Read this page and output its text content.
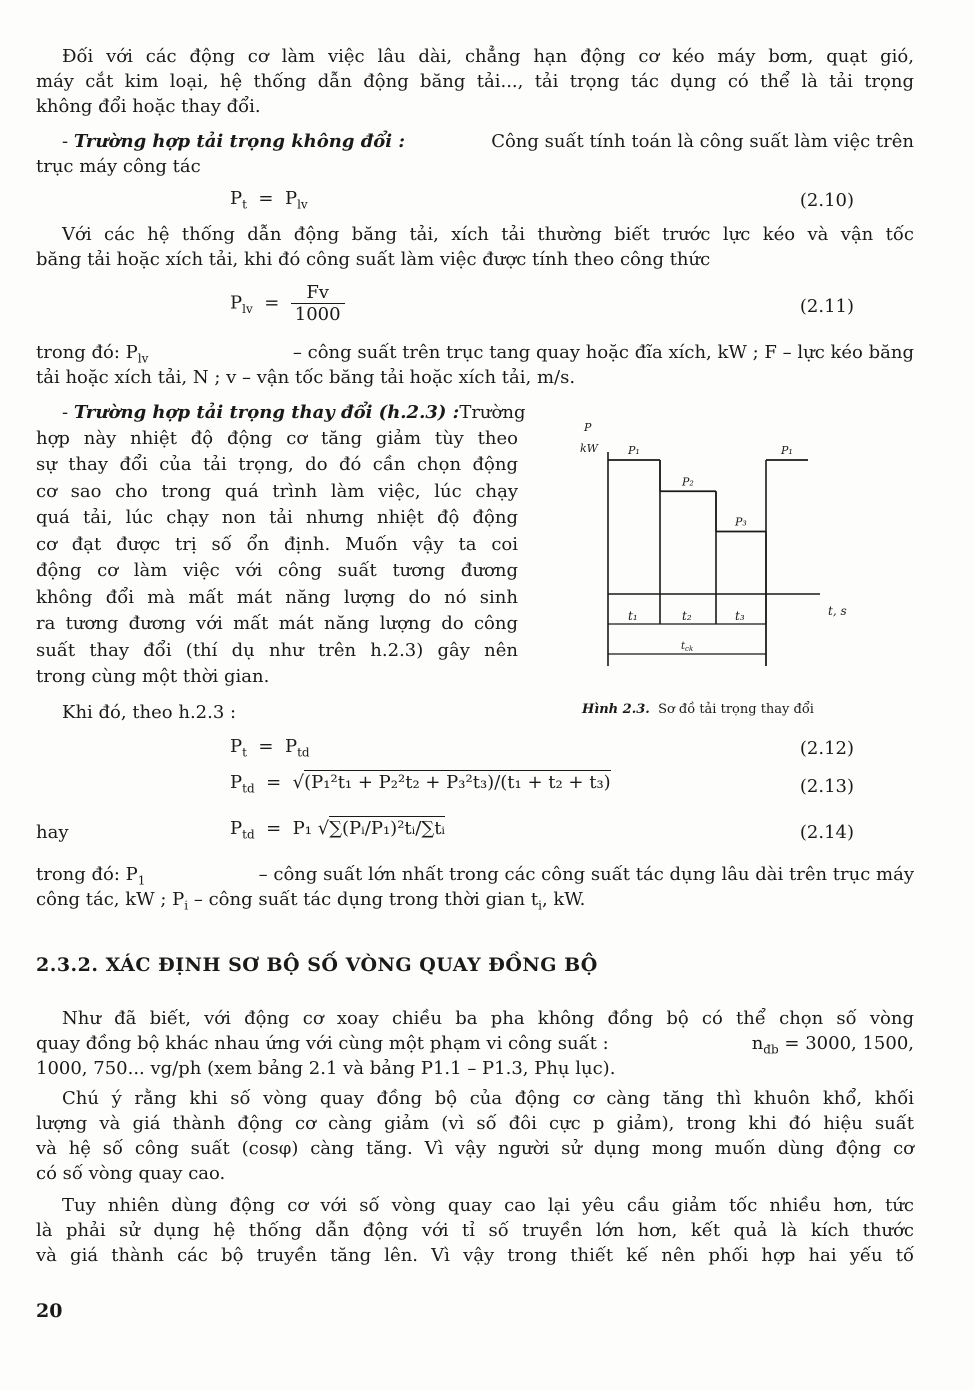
Đối với các động cơ làm việc lâu dài, chẳng hạn động cơ kéo máy bơm, quạt gió,
máy cắt kim loại, hệ thống dẫn động băng tải..., tải trọng tác dụng có thể là tải trọng
không đổi hoặc thay đổi.
- Trường hợp tải trọng không đổi :	Công suất tính toán là công suất làm việc trên
trục máy công tác
$P_t = P_{lv}$	(2.10)
Với các hệ thống dẫn động băng tải, xích tải thường biết trước lực kéo và vận tốc
băng tải hoặc xích tải, khi đó công suất làm việc được tính theo công thức
$P_{lv} = \frac{Fv}{1000}$	(2.11)
trong đó: $P_{lv}$	– công suất trên trục tang quay hoặc đĩa xích, kW ; F – lực kéo băng
tải hoặc xích tải, N ; v – vận tốc băng tải hoặc xích tải, m/s.
- Trường hợp tải trọng thay đổi (h.2.3) : Trường
hợp này nhiệt độ động cơ tăng giảm tùy theo
sự thay đổi của tải trọng, do đó cần chọn động
cơ sao cho trong quá trình làm việc, lúc chạy
quá tải, lúc chạy non tải nhưng nhiệt độ động
cơ đạt được trị số ổn định. Muốn vậy ta coi
động cơ làm việc với công suất tương đương
không đổi mà mất mát năng lượng do nó sinh
ra tương đương với mất mát năng lượng do công
suất thay đổi (thí dụ như trên h.2.3) gây nên
trong cùng một thời gian.
P
kW
t, s
P₁
P₂
P₃
P₁
t₁	t₂	t₃
$t_{ck}$
Hình 2.3. Sơ đồ tải trọng thay đổi
Khi đó, theo h.2.3 :
$P_t = P_{td}$	(2.12)
$P_{td} = √(P_1^2t_1 + P_2^2t_2 + P_3^2t_3)/(t_1 + t_2 + t_3)$	(2.13)
hay	$P_{td} = P_1$ √∑(Pᵢ/P₁)²tᵢ/∑tᵢ	(2.14)
trong đó: $P_1$	– công suất lớn nhất trong các công suất tác dụng lâu dài trên trục máy
công tác, kW ; $P_i$ – công suất tác dụng trong thời gian $t_i$, kW.
2.3.2. XÁC ĐỊNH SƠ BỘ SỐ VÒNG QUAY ĐỒNG BỘ
Như đã biết, với động cơ xoay chiều ba pha không đồng bộ có thể chọn số vòng
quay đồng bộ khác nhau ứng với cùng một phạm vi công suất :	$n_{đb} = 3000$, 1500,
1000, 750... vg/ph (xem bảng 2.1 và bảng P1.1 – P1.3, Phụ lục).
Chú ý rằng khi số vòng quay đồng bộ của động cơ càng tăng thì khuôn khổ, khối
lượng và giá thành động cơ càng giảm (vì số đôi cực p giảm), trong khi đó hiệu suất
và hệ số công suất (cosφ) càng tăng. Vì vậy người sử dụng mong muốn dùng động cơ
có số vòng quay cao.
Tuy nhiên dùng động cơ với số vòng quay cao lại yêu cầu giảm tốc nhiều hơn, tức
là phải sử dụng hệ thống dẫn động với tỉ số truyền lớn hơn, kết quả là kích thước
và giá thành các bộ truyền tăng lên. Vì vậy trong thiết kế nên phối hợp hai yếu tố
20
